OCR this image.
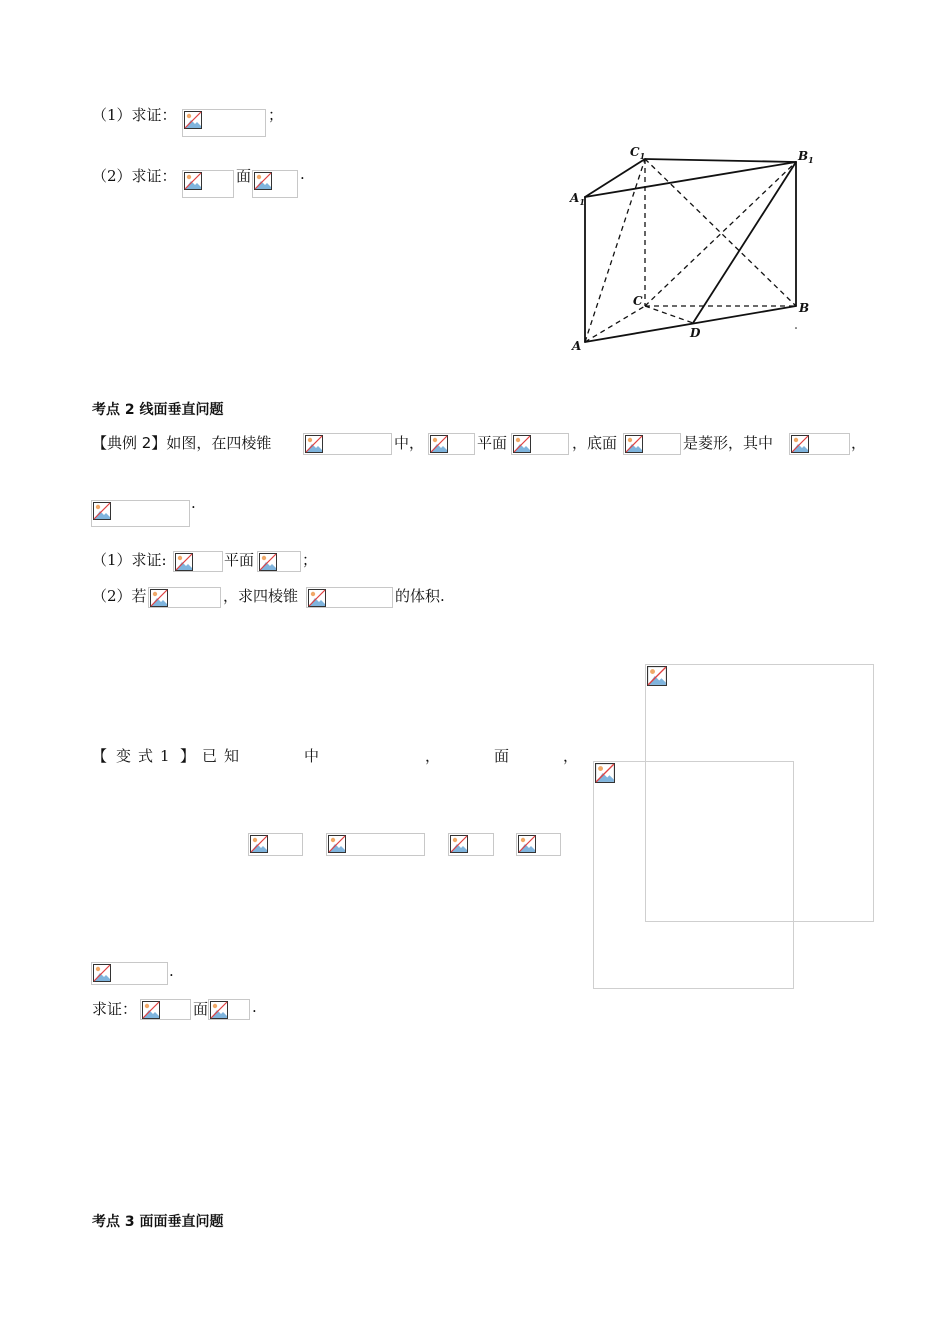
（1）求证：	；
（2）求证：	面	.
$C_1$	$B_1$
$A_1$
C	B
A
D
考点 2 线面垂直问题
【典例 2】如图，在四棱锥	中，	平面	，底面	是菱形，其中	，
.
（1）求证:	平面	；
（2）若	，求四棱锥	的体积.
【 变 式 1 】 已 知	中	，	面	，
.
求证：	面	.
考点 3 面面垂直问题
